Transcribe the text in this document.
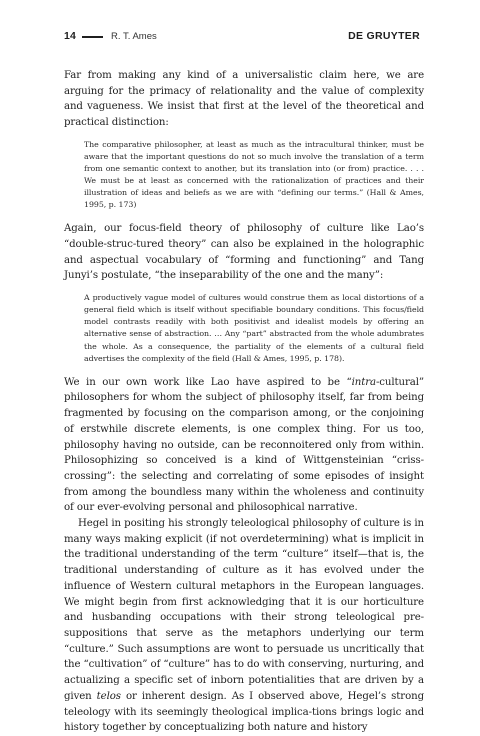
14	R. T. Ames	DE GRUYTER

Far from making any kind of a universalistic claim here, we are arguing for the primacy of relationality and the value of complexity and vagueness. We insist that first at the level of the theoretical and practical distinction:

The comparative philosopher, at least as much as the intracultural thinker, must be aware that the important questions do not so much involve the translation of a term from one semantic context to another, but its translation into (or from) practice. . . . We must be at least as concerned with the rationalization of practices and their illustration of ideas and beliefs as we are with “defining our terms.” (Hall & Ames, 1995, p. 173)

Again, our focus-field theory of philosophy of culture like Lao’s “double-struc-tured theory” can also be explained in the holographic and aspectual vocabulary of “forming and functioning” and Tang Junyi’s postulate, “the inseparability of the one and the many”:

A productively vague model of cultures would construe them as local distortions of a general field which is itself without specifiable boundary conditions. This focus/field model contrasts readily with both positivist and idealist models by offering an alternative sense of abstraction. … Any “part” abstracted from the whole adumbrates the whole. As a consequence, the partiality of the elements of a cultural field advertises the complexity of the field (Hall & Ames, 1995, p. 178).

We in our own work like Lao have aspired to be “intra-cultural” philosophers for whom the subject of philosophy itself, far from being fragmented by focusing on the comparison among, or the conjoining of erstwhile discrete elements, is one complex thing. For us too, philosophy having no outside, can be reconnoitered only from within. Philosophizing so conceived is a kind of Wittgensteinian “criss-crossing”: the selecting and correlating of some episodes of insight from among the boundless many within the wholeness and continuity of our ever-evolving personal and philosophical narrative.

Hegel in positing his strongly teleological philosophy of culture is in many ways making explicit (if not overdetermining) what is implicit in the traditional understanding of the term “culture” itself—that is, the traditional understanding of culture as it has evolved under the influence of Western cultural metaphors in the European languages. We might begin from first acknowledging that it is our horticulture and husbanding occupations with their strong teleological pre-suppositions that serve as the metaphors underlying our term “culture.” Such assumptions are wont to persuade us uncritically that the “cultivation” of “culture” has to do with conserving, nurturing, and actualizing a specific set of inborn potentialities that are driven by a given telos or inherent design. As I observed above, Hegel’s strong teleology with its seemingly theological implica-tions brings logic and history together by conceptualizing both nature and history
